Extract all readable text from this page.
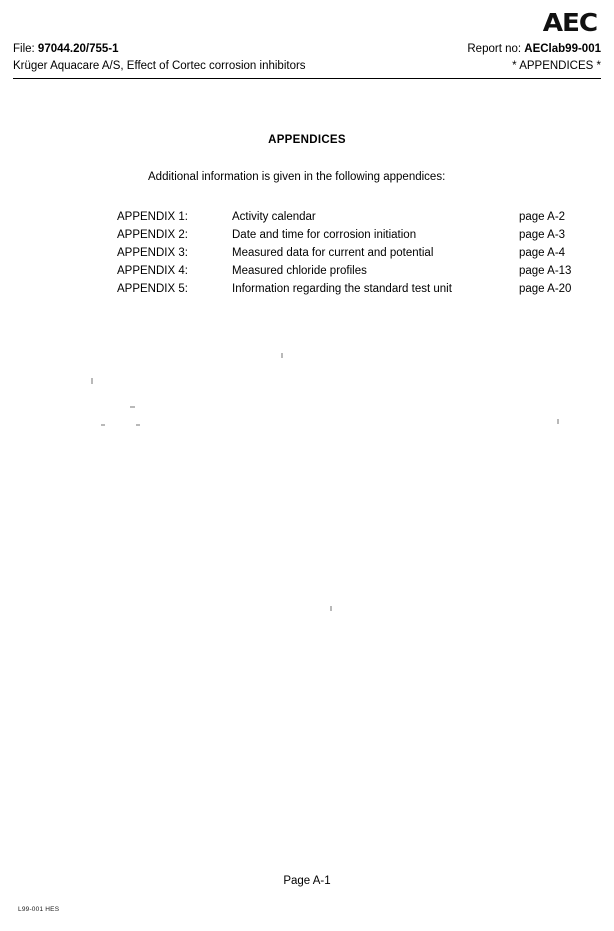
AEC
File: 97044.20/755-1	Report no: AEClab99-001
Krüger Aquacare A/S, Effect of Cortec corrosion inhibitors	* APPENDICES *
APPENDICES
Additional information is given in the following appendices:
APPENDIX 1:	Activity calendar	page A-2
APPENDIX 2:	Date and time for corrosion initiation	page A-3
APPENDIX 3:	Measured data for current and potential	page A-4
APPENDIX 4:	Measured chloride profiles	page A-13
APPENDIX 5:	Information regarding the standard test unit	page A-20
Page A-1
L99-001 HES
